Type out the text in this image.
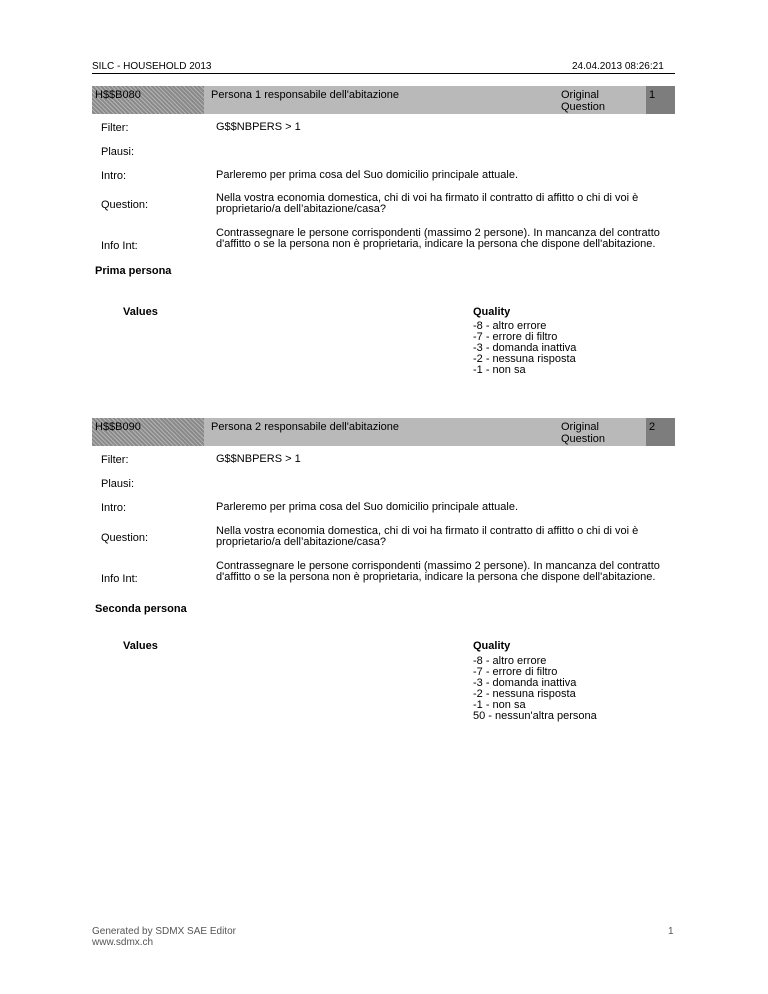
SILC - HOUSEHOLD 2013	24.04.2013 08:26:21
H$$B080	Persona 1 responsabile dell'abitazione	Original
Question
1
Filter:	G$$NBPERS > 1
Plausi:
Intro:	Parleremo per prima cosa del Suo domicilio principale attuale.
Question:
Nella vostra economia domestica, chi di voi ha firmato il contratto di affitto o chi di voi è proprietario/a dell’abitazione/casa?
Info Int:
Contrassegnare le persone corrispondenti (massimo 2 persone). In mancanza del contratto d'affitto o se la persona non è proprietaria, indicare la persona che dispone dell'abitazione.
Prima persona
Values	Quality
-8 - altro errore
-7 - errore di filtro
-3 - domanda inattiva
-2 - nessuna risposta
-1 - non sa
H$$B090	Persona 2 responsabile dell'abitazione	Original
Question
2
Filter:	G$$NBPERS > 1
Plausi:
Intro:	Parleremo per prima cosa del Suo domicilio principale attuale.
Question:
Nella vostra economia domestica, chi di voi ha firmato il contratto di affitto o chi di voi è proprietario/a dell’abitazione/casa?
Info Int:
Contrassegnare le persone corrispondenti (massimo 2 persone). In mancanza del contratto d'affitto o se la persona non è proprietaria, indicare la persona che dispone dell'abitazione.
Seconda persona
Values	Quality
-8 - altro errore
-7 - errore di filtro
-3 - domanda inattiva
-2 - nessuna risposta
-1 - non sa
50 - nessun'altra persona
Generated by SDMX SAE Editor
www.sdmx.ch
1
